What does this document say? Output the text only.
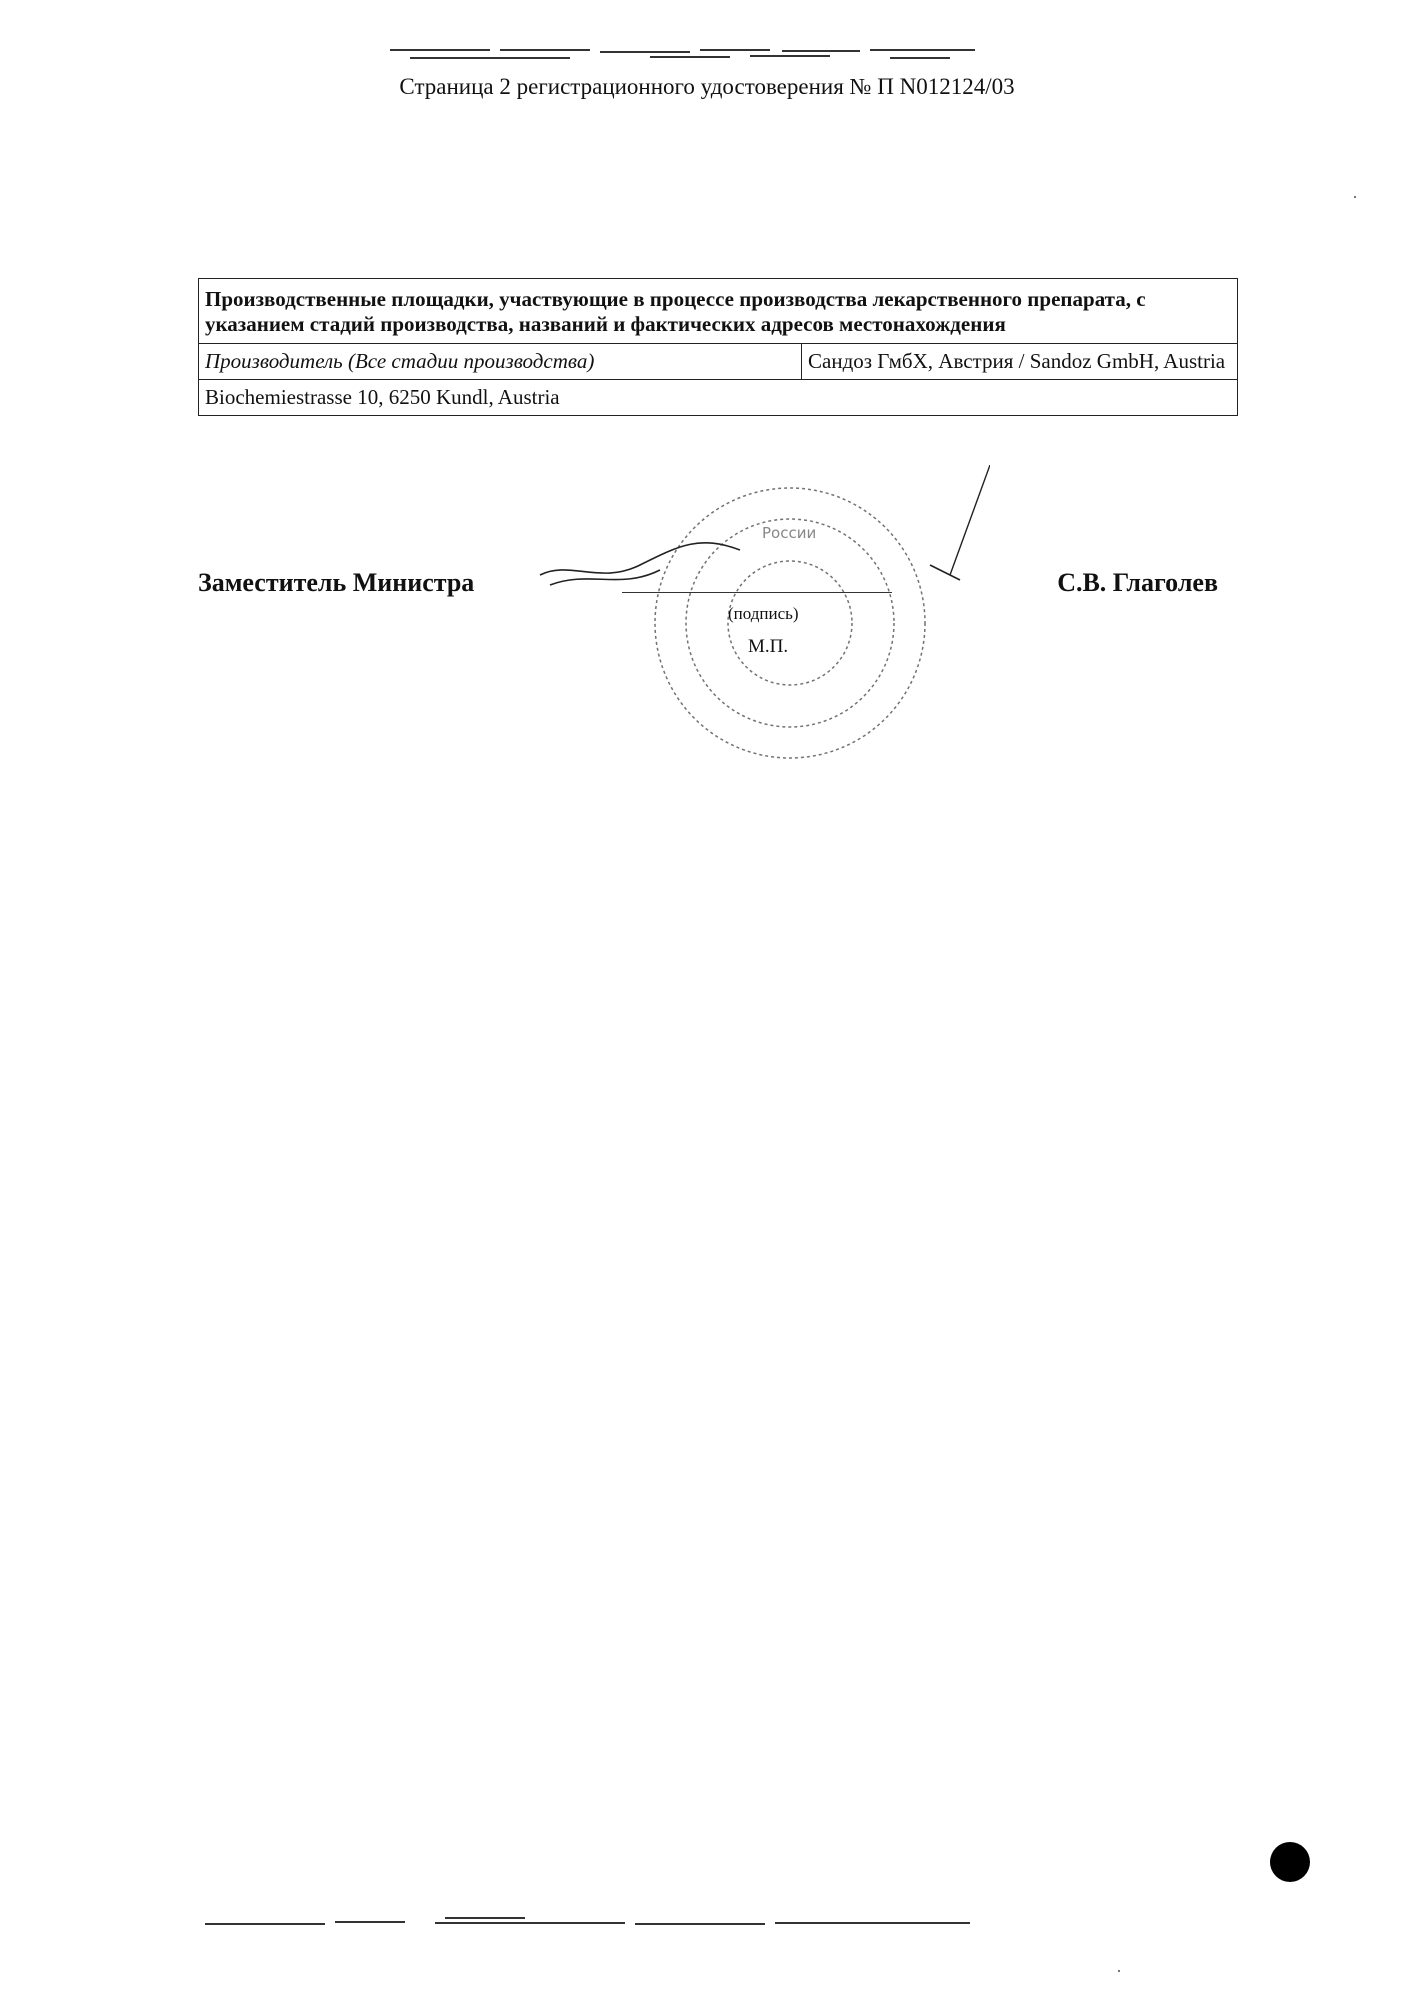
Страница 2 регистрационного удостоверения № П N012124/03
Производственные площадки, участвующие в процессе производства лекарственного препарата, с указанием стадий производства, названий и фактических адресов местонахождения
Производитель (Все стадии производства)	Сандоз ГмбХ, Австрия / Sandoz GmbH, Austria
Biochemiestrasse 10, 6250 Kundl, Austria
России
Заместитель Министра
(подпись)
М.П.
С.В. Глаголев
